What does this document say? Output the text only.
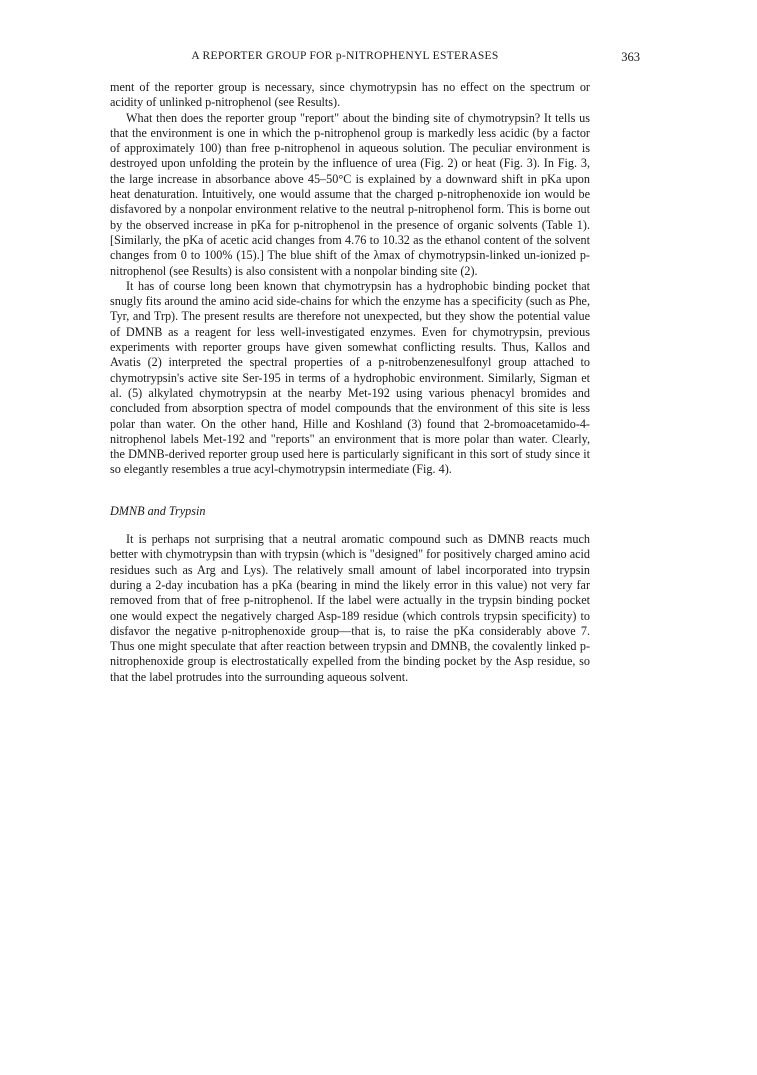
A REPORTER GROUP FOR p-NITROPHENYL ESTERASES	363

ment of the reporter group is necessary, since chymotrypsin has no effect on the spectrum or acidity of unlinked p-nitrophenol (see Results).

What then does the reporter group "report" about the binding site of chymotrypsin? It tells us that the environment is one in which the p-nitrophenol group is markedly less acidic (by a factor of approximately 100) than free p-nitrophenol in aqueous solution. The peculiar environment is destroyed upon unfolding the protein by the influence of urea (Fig. 2) or heat (Fig. 3). In Fig. 3, the large increase in absorbance above 45–50°C is explained by a downward shift in pKa upon heat denaturation. Intuitively, one would assume that the charged p-nitrophenoxide ion would be disfavored by a nonpolar environment relative to the neutral p-nitrophenol form. This is borne out by the observed increase in pKa for p-nitrophenol in the presence of organic solvents (Table 1). [Similarly, the pKa of acetic acid changes from 4.76 to 10.32 as the ethanol content of the solvent changes from 0 to 100% (15).] The blue shift of the λmax of chymotrypsin-linked un-ionized p-nitrophenol (see Results) is also consistent with a nonpolar binding site (2).

It has of course long been known that chymotrypsin has a hydrophobic binding pocket that snugly fits around the amino acid side-chains for which the enzyme has a specificity (such as Phe, Tyr, and Trp). The present results are therefore not unexpected, but they show the potential value of DMNB as a reagent for less well-investigated enzymes. Even for chymotrypsin, previous experiments with reporter groups have given somewhat conflicting results. Thus, Kallos and Avatis (2) interpreted the spectral properties of a p-nitrobenzenesulfonyl group attached to chymotrypsin's active site Ser-195 in terms of a hydrophobic environment. Similarly, Sigman et al. (5) alkylated chymotrypsin at the nearby Met-192 using various phenacyl bromides and concluded from absorption spectra of model compounds that the environment of this site is less polar than water. On the other hand, Hille and Koshland (3) found that 2-bromoacetamido-4-nitrophenol labels Met-192 and "reports" an environment that is more polar than water. Clearly, the DMNB-derived reporter group used here is particularly significant in this sort of study since it so elegantly resembles a true acyl-chymotrypsin intermediate (Fig. 4).

DMNB and Trypsin

It is perhaps not surprising that a neutral aromatic compound such as DMNB reacts much better with chymotrypsin than with trypsin (which is "designed" for positively charged amino acid residues such as Arg and Lys). The relatively small amount of label incorporated into trypsin during a 2-day incubation has a pKa (bearing in mind the likely error in this value) not very far removed from that of free p-nitrophenol. If the label were actually in the trypsin binding pocket one would expect the negatively charged Asp-189 residue (which controls trypsin specificity) to disfavor the negative p-nitrophenoxide group—that is, to raise the pKa considerably above 7. Thus one might speculate that after reaction between trypsin and DMNB, the covalently linked p-nitrophenoxide group is electrostatically expelled from the binding pocket by the Asp residue, so that the label protrudes into the surrounding aqueous solvent.
